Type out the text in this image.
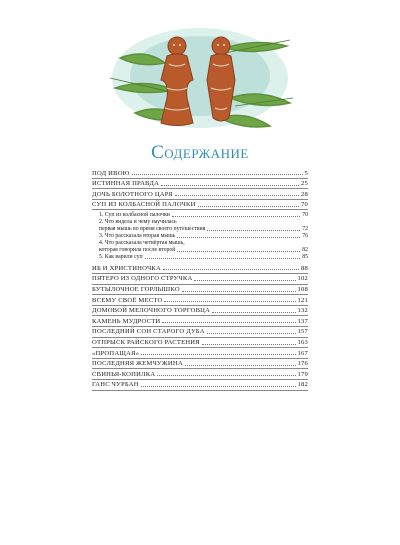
Содержание
ПОД ИВОЮ	5
ИСТИННАЯ ПРАВДА	25
ДОЧЬ БОЛОТНОГО ЦАРЯ	28
СУП ИЗ КОЛБАСНОЙ ПАЛОЧКИ	70
1. Суп из колбасной палочки	70
2. Что видела и чему научилась
первая мышь во время своего путешествия	72
3. Что рассказала вторая мышь	76
4. Что рассказала четвёртая мышь,
которая говорила после второй	82
5. Как варили суп	85
ИБ И ХРИСТИНОЧКА	88
ПЯТЕРО ИЗ ОДНОГО СТРУЧКА	102
БУТЫЛОЧНОЕ ГОРЛЫШКО	108
ВСЕМУ СВОЁ МЕСТО	121
ДОМОВОЙ МЕЛОЧНОГО ТОРГОВЦА	132
КАМЕНЬ МУДРОСТИ	137
ПОСЛЕДНИЙ СОН СТАРОГО ДУБА	157
ОТПРЫСК РАЙСКОГО РАСТЕНИЯ	163
«ПРОПАЩАЯ»	167
ПОСЛЕДНЯЯ ЖЕМЧУЖИНА	176
СВИНЬЯ-КОПИЛКА	179
ГАНС ЧУРБАН	182
